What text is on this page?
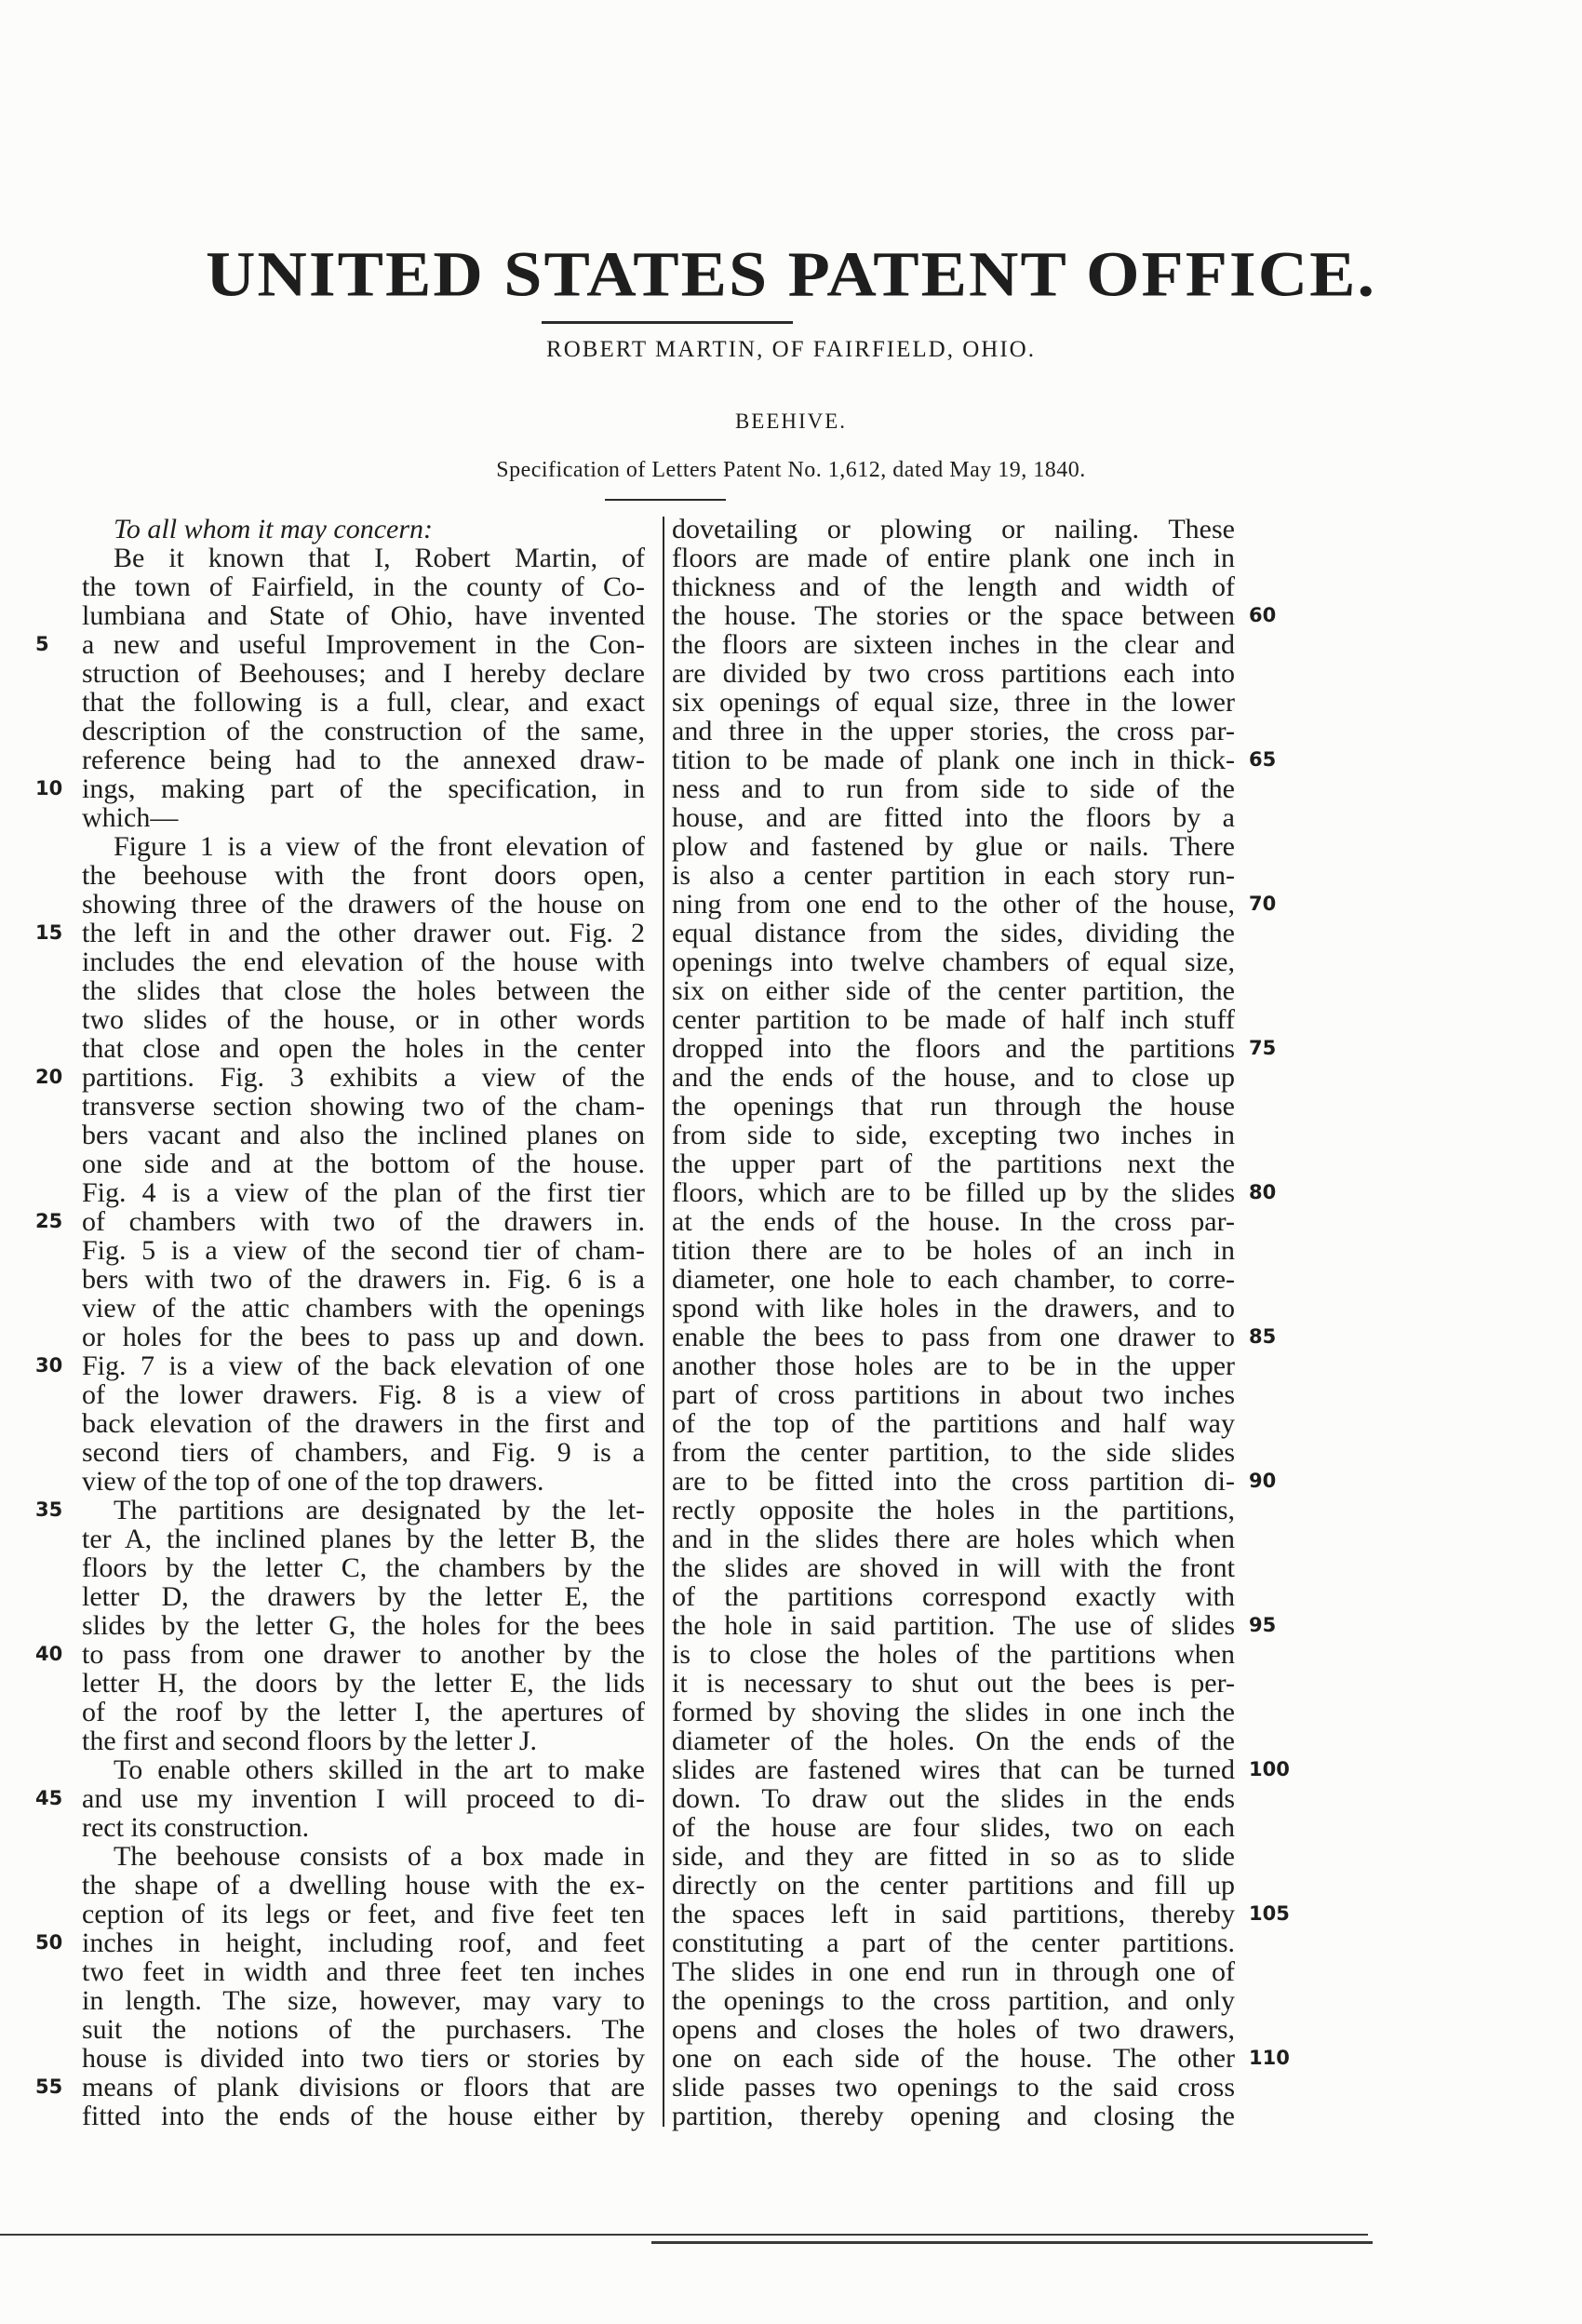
UNITED STATES PATENT OFFICE.
ROBERT MARTIN, OF FAIRFIELD, OHIO.
BEEHIVE.
Specification of Letters Patent No. 1,612, dated May 19, 1840.
To all whom it may concern:
Be it known that I, Robert Martin, of
the town of Fairfield, in the county of Co-
lumbiana and State of Ohio, have invented
a new and useful Improvement in the Con-
struction of Beehouses; and I hereby declare
that the following is a full, clear, and exact
description of the construction of the same,
reference being had to the annexed draw-
ings, making part of the specification, in
which—
Figure 1 is a view of the front elevation of
the beehouse with the front doors open,
showing three of the drawers of the house on
the left in and the other drawer out. Fig. 2
includes the end elevation of the house with
the slides that close the holes between the
two slides of the house, or in other words
that close and open the holes in the center
partitions. Fig. 3 exhibits a view of the
transverse section showing two of the cham-
bers vacant and also the inclined planes on
one side and at the bottom of the house.
Fig. 4 is a view of the plan of the first tier
of chambers with two of the drawers in.
Fig. 5 is a view of the second tier of cham-
bers with two of the drawers in. Fig. 6 is a
view of the attic chambers with the openings
or holes for the bees to pass up and down.
Fig. 7 is a view of the back elevation of one
of the lower drawers. Fig. 8 is a view of
back elevation of the drawers in the first and
second tiers of chambers, and Fig. 9 is a
view of the top of one of the top drawers.
The partitions are designated by the let-
ter A, the inclined planes by the letter B, the
floors by the letter C, the chambers by the
letter D, the drawers by the letter E, the
slides by the letter G, the holes for the bees
to pass from one drawer to another by the
letter H, the doors by the letter E, the lids
of the roof by the letter I, the apertures of
the first and second floors by the letter J.
To enable others skilled in the art to make
and use my invention I will proceed to di-
rect its construction.
The beehouse consists of a box made in
the shape of a dwelling house with the ex-
ception of its legs or feet, and five feet ten
inches in height, including roof, and feet
two feet in width and three feet ten inches
in length. The size, however, may vary to
suit the notions of the purchasers. The
house is divided into two tiers or stories by
means of plank divisions or floors that are
fitted into the ends of the house either by
dovetailing or plowing or nailing. These
floors are made of entire plank one inch in
thickness and of the length and width of
the house. The stories or the space between
the floors are sixteen inches in the clear and
are divided by two cross partitions each into
six openings of equal size, three in the lower
and three in the upper stories, the cross par-
tition to be made of plank one inch in thick-
ness and to run from side to side of the
house, and are fitted into the floors by a
plow and fastened by glue or nails. There
is also a center partition in each story run-
ning from one end to the other of the house,
equal distance from the sides, dividing the
openings into twelve chambers of equal size,
six on either side of the center partition, the
center partition to be made of half inch stuff
dropped into the floors and the partitions
and the ends of the house, and to close up
the openings that run through the house
from side to side, excepting two inches in
the upper part of the partitions next the
floors, which are to be filled up by the slides
at the ends of the house. In the cross par-
tition there are to be holes of an inch in
diameter, one hole to each chamber, to corre-
spond with like holes in the drawers, and to
enable the bees to pass from one drawer to
another those holes are to be in the upper
part of cross partitions in about two inches
of the top of the partitions and half way
from the center partition, to the side slides
are to be fitted into the cross partition di-
rectly opposite the holes in the partitions,
and in the slides there are holes which when
the slides are shoved in will with the front
of the partitions correspond exactly with
the hole in said partition. The use of slides
is to close the holes of the partitions when
it is necessary to shut out the bees is per-
formed by shoving the slides in one inch the
diameter of the holes. On the ends of the
slides are fastened wires that can be turned
down. To draw out the slides in the ends
of the house are four slides, two on each
side, and they are fitted in so as to slide
directly on the center partitions and fill up
the spaces left in said partitions, thereby
constituting a part of the center partitions.
The slides in one end run in through one of
the openings to the cross partition, and only
opens and closes the holes of two drawers,
one on each side of the house. The other
slide passes two openings to the said cross
partition, thereby opening and closing the
5
10
15
20
25
30
35
40
45
50
55
60
65
70
75
80
85
90
95
100
105
110
